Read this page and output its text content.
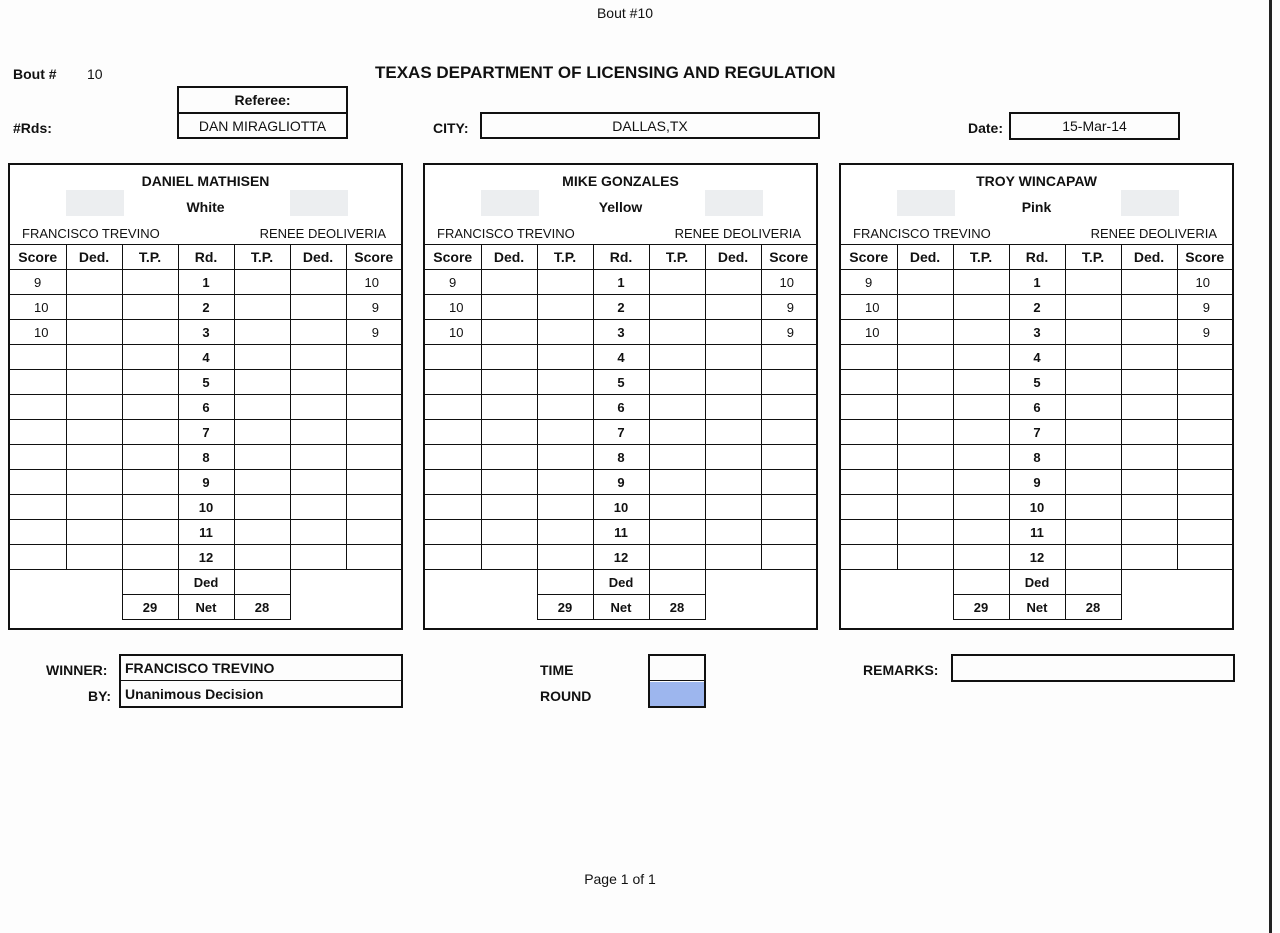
Bout #10
Bout # 10	TEXAS DEPARTMENT OF LICENSING AND REGULATION
#Rds:
Referee:
DAN MIRAGLIOTTA	CITY:	DALLAS,TX	Date:	15-Mar-14
DANIEL MATHISEN
White
FRANCISCO TREVINO	RENEE DEOLIVERIA
Score	Ded.	T.P.	Rd.	T.P.	Ded.	Score
9			1			10
10			2			9
10			3			9
			4			
			5			
			6			
			7			
			8			
			9			
			10			
			11			
			12			
			Ded			
		29	Net	28		
MIKE GONZALES
Yellow
FRANCISCO TREVINO	RENEE DEOLIVERIA
Score	Ded.	T.P.	Rd.	T.P.	Ded.	Score
9			1			10
10			2			9
10			3			9
			4			
			5			
			6			
			7			
			8			
			9			
			10			
			11			
			12			
			Ded			
		29	Net	28		
TROY WINCAPAW
Pink
FRANCISCO TREVINO	RENEE DEOLIVERIA
Score	Ded.	T.P.	Rd.	T.P.	Ded.	Score
9			1			10
10			2			9
10			3			9
			4			
			5			
			6			
			7			
			8			
			9			
			10			
			11			
			12			
			Ded			
		29	Net	28		
WINNER:
BY:
FRANCISCO TREVINO
Unanimous Decision
TIME
ROUND
REMARKS:
Page 1 of 1
